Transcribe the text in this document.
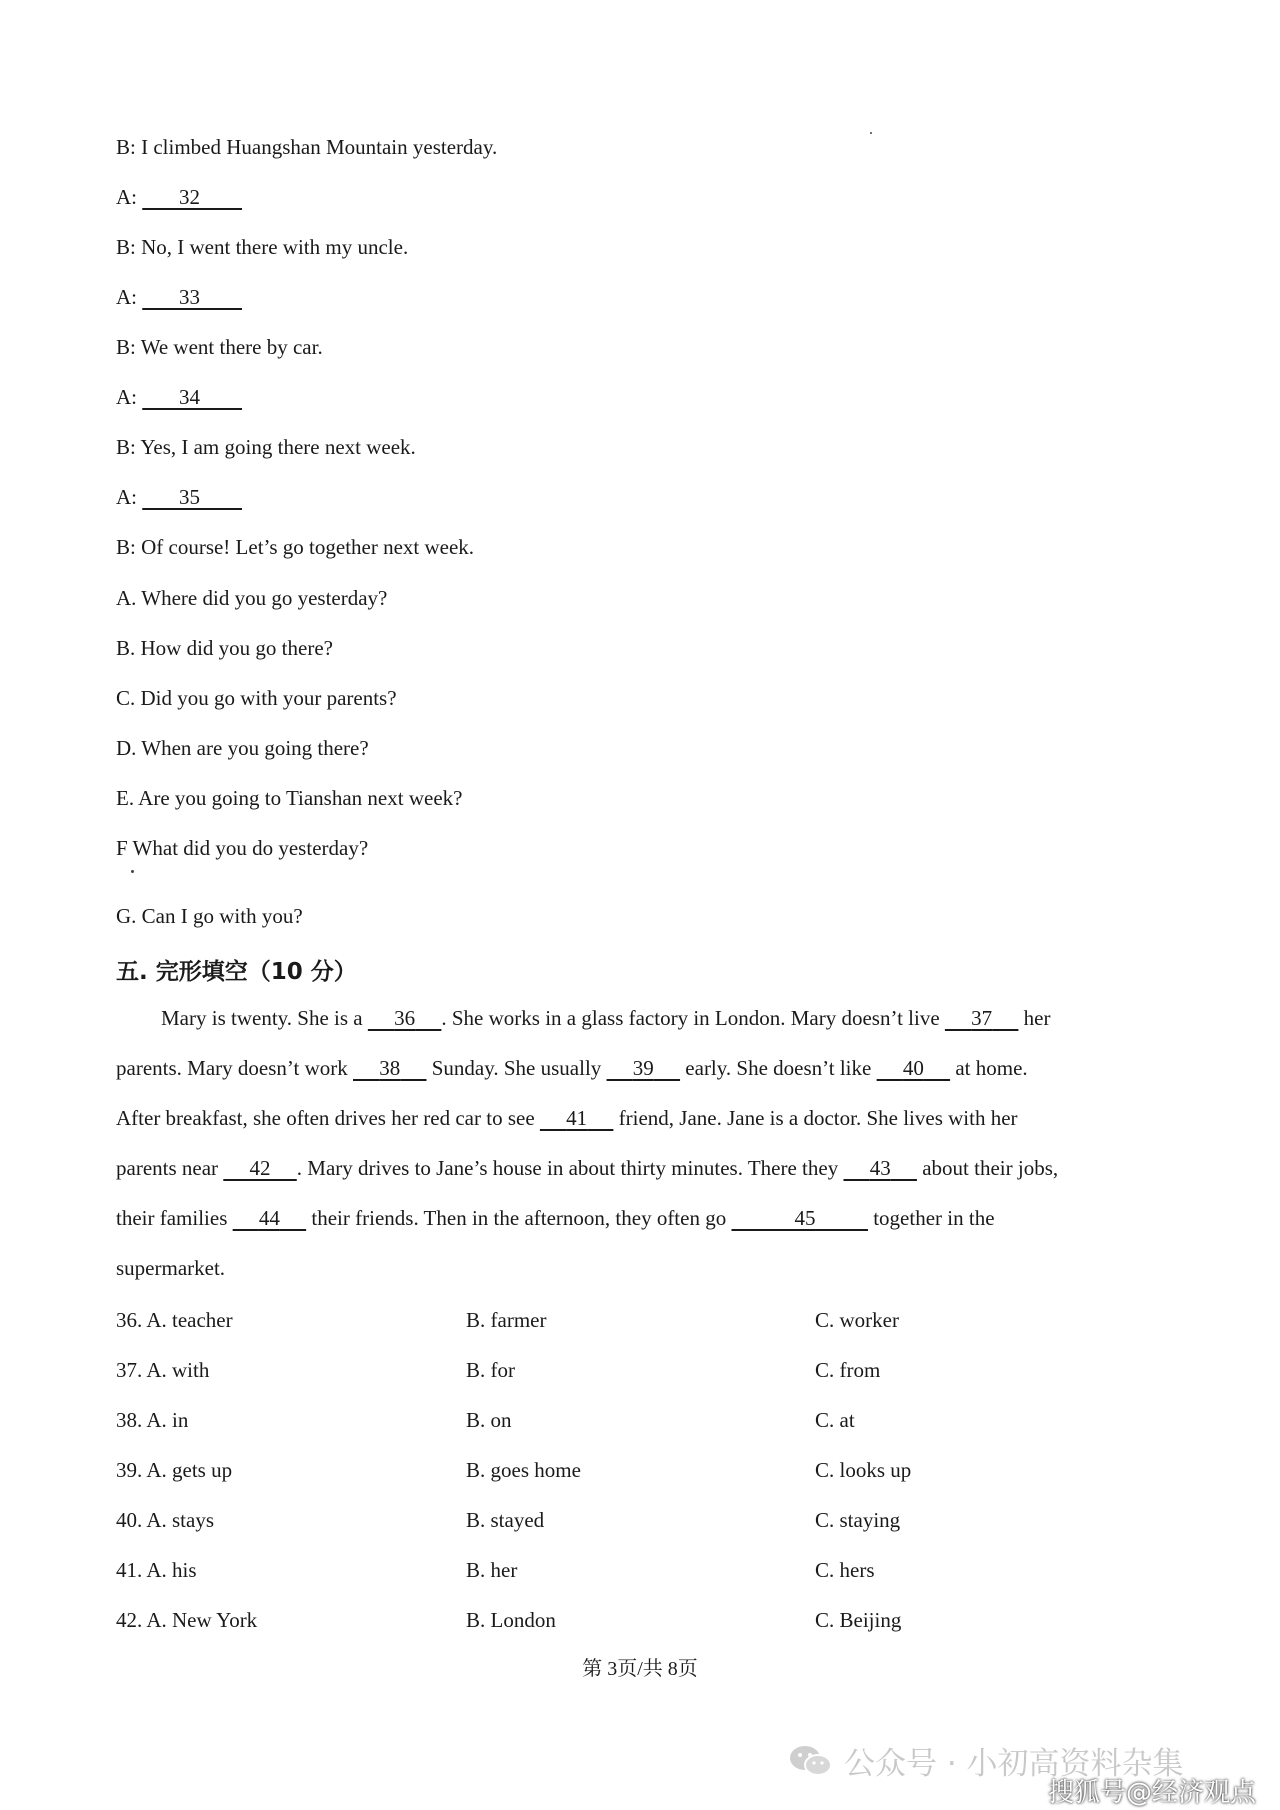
B: I climbed Huangshan Mountain yesterday.
A: 32
B: No, I went there with my uncle.
A: 33
B: We went there by car.
A: 34
B: Yes, I am going there next week.
A: 35
B: Of course! Let’s go together next week.
A. Where did you go yesterday?
B. How did you go there?
C. Did you go with your parents?
D. When are you going there?
E. Are you going to Tianshan next week?
F What did you do yesterday?
G. Can I go with you?
五. 完形填空（10 分）
Mary is twenty. She is a      36 . She works in a glass factory in London. Mary doesn’t live      37      her
parents. Mary doesn’t work      38      Sunday. She usually      39      early. She doesn’t like      40      at home.
After breakfast, she often drives her red car to see      41      friend, Jane. Jane is a doctor. She lives with her
parents near      42 . Mary drives to Jane’s house in about thirty minutes. There they      43      about their jobs,
their families      44      their friends. Then in the afternoon, they often go	45	together in the
supermarket.
36. A. teacher	B. farmer	C. worker
37. A. with	B. for	C. from
38. A. in	B. on	C. at
39. A. gets up	B. goes home	C. looks up
40. A. stays	B. stayed	C. staying
41. A. his	B. her	C. hers
42. A. New York	B. London	C. Beijing
第 3页/共 8页
公众号 · 小初高资料杂集
搜狐号@经济观点
